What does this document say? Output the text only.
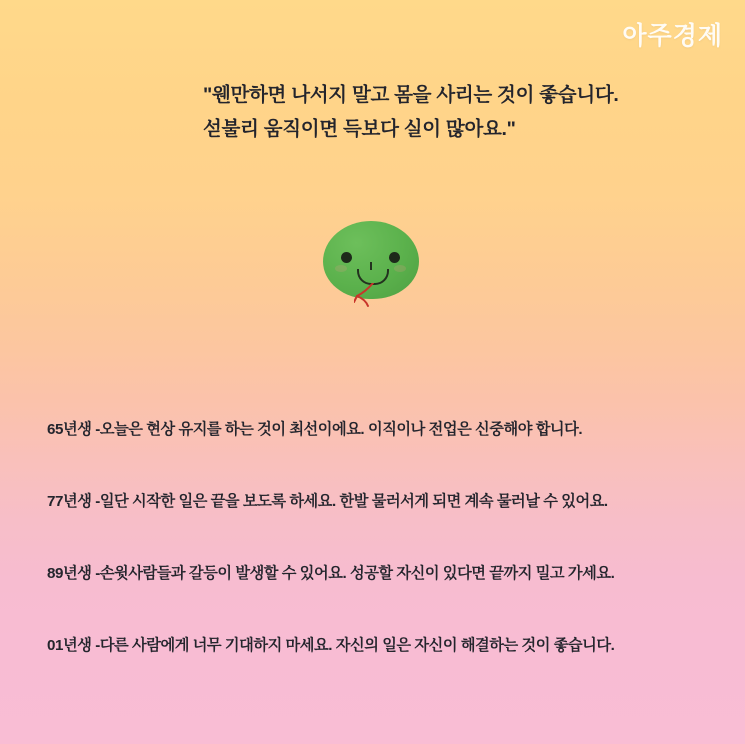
아주경제
"웬만하면 나서지 말고 몸을 사리는 것이 좋습니다.
섣불리 움직이면 득보다 실이 많아요."
65년생 -오늘은 현상 유지를 하는 것이 최선이에요. 이직이나 전업은 신중해야 합니다.
77년생 -일단 시작한 일은 끝을 보도록 하세요. 한발 물러서게 되면 계속 물러날 수 있어요.
89년생 -손윗사람들과 갈등이 발생할 수 있어요. 성공할 자신이 있다면 끝까지 밀고 가세요.
01년생 -다른 사람에게 너무 기대하지 마세요. 자신의 일은 자신이 해결하는 것이 좋습니다.
